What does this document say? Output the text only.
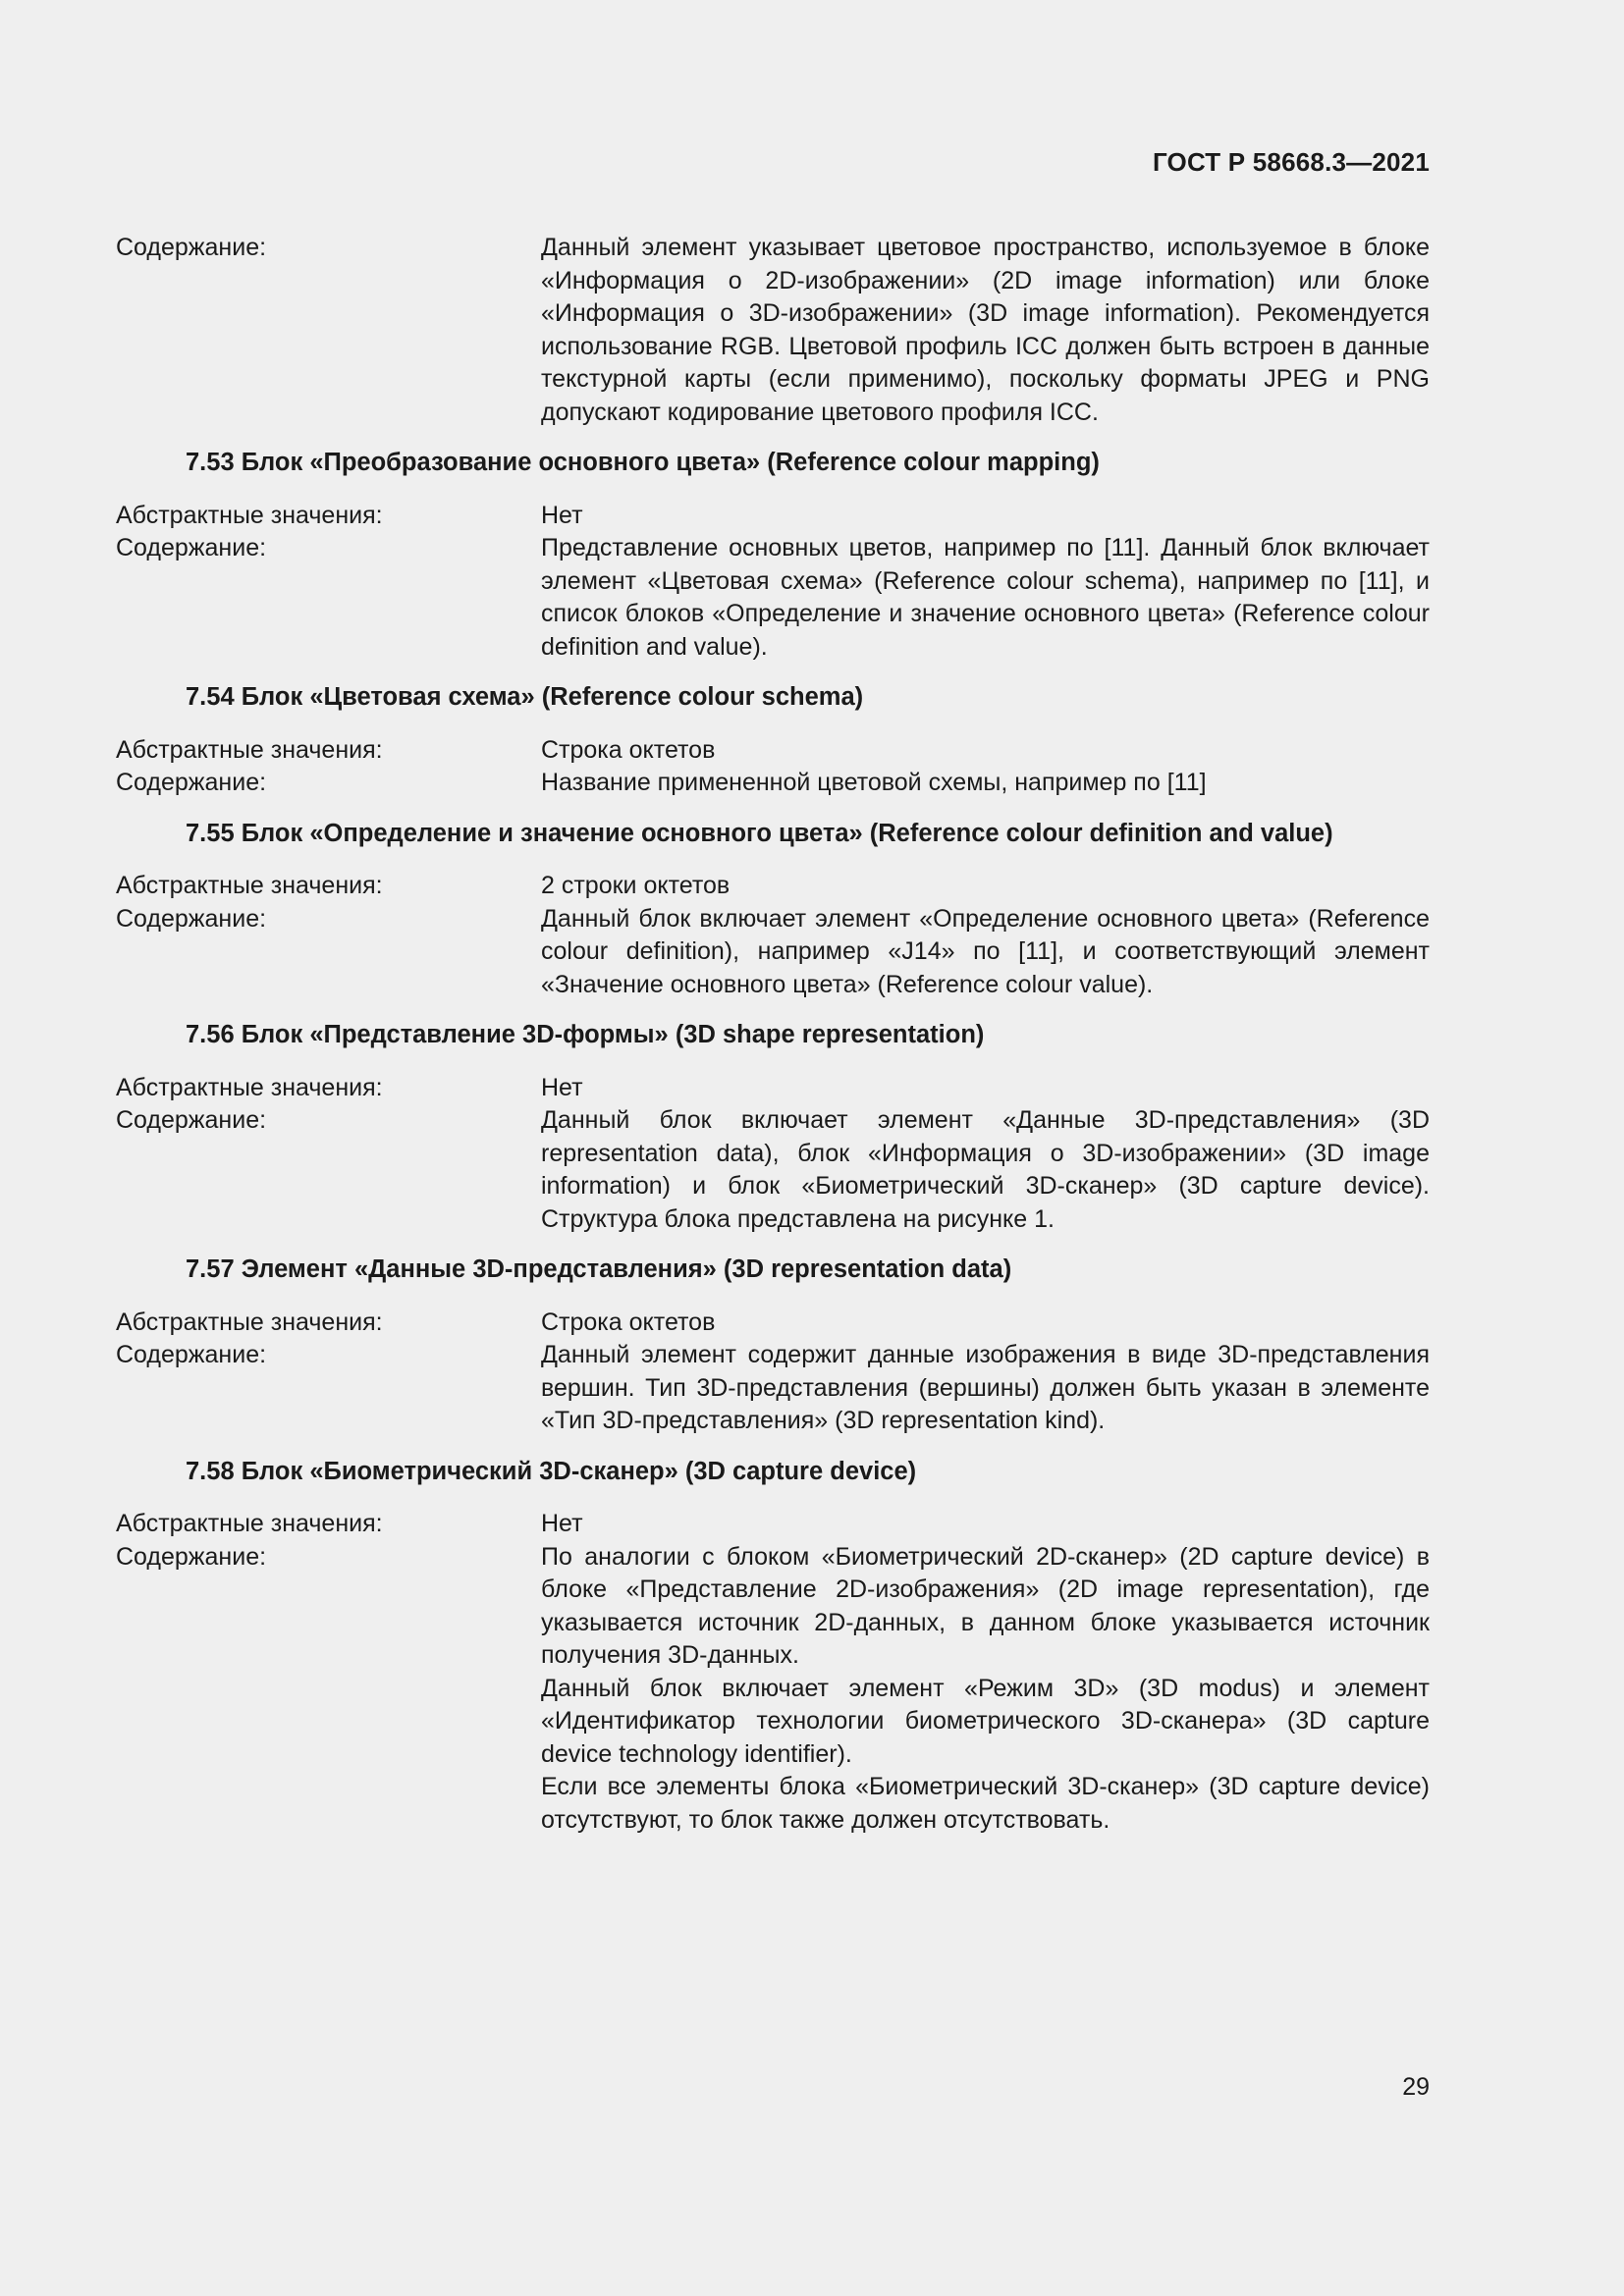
ГОСТ Р 58668.3—2021
Содержание:	Данный элемент указывает цветовое пространство, используемое в блоке «Информация о 2D-изображении» (2D image information) или блоке «Информация о 3D-изображении» (3D image information). Рекомендуется использование RGB. Цветовой профиль ICC должен быть встроен в данные текстурной карты (если применимо), поскольку форматы JPEG и PNG допускают кодирование цветового профиля ICC.
7.53 Блок «Преобразование основного цвета» (Reference colour mapping)
Абстрактные значения:	Нет
Содержание:	Представление основных цветов, например по [11]. Данный блок включает элемент «Цветовая схема» (Reference colour schema), например по [11], и список блоков «Определение и значение основного цвета» (Reference colour definition and value).
7.54 Блок «Цветовая схема» (Reference colour schema)
Абстрактные значения:	Строка октетов
Содержание:	Название примененной цветовой схемы, например по [11]
7.55 Блок «Определение и значение основного цвета» (Reference colour definition and value)
Абстрактные значения:	2 строки октетов
Содержание:	Данный блок включает элемент «Определение основного цвета» (Reference colour definition), например «J14» по [11], и соответствующий элемент «Значение основного цвета» (Reference colour value).
7.56 Блок «Представление 3D-формы» (3D shape representation)
Абстрактные значения:	Нет
Содержание:	Данный блок включает элемент «Данные 3D-представления» (3D representation data), блок «Информация о 3D-изображении» (3D image information) и блок «Биометрический 3D-сканер» (3D capture device). Структура блока представлена на рисунке 1.
7.57 Элемент «Данные 3D-представления» (3D representation data)
Абстрактные значения:	Строка октетов
Содержание:	Данный элемент содержит данные изображения в виде 3D-представления вершин. Тип 3D-представления (вершины) должен быть указан в элементе «Тип 3D-представления» (3D representation kind).
7.58 Блок «Биометрический 3D-сканер» (3D capture device)
Абстрактные значения:	Нет
Содержание:	По аналогии с блоком «Биометрический 2D-сканер» (2D capture device) в блоке «Представление 2D-изображения» (2D image representation), где указывается источник 2D-данных, в данном блоке указывается источник получения 3D-данных.
Данный блок включает элемент «Режим 3D» (3D modus) и элемент «Идентификатор технологии биометрического 3D-сканера» (3D capture device technology identifier).
Если все элементы блока «Биометрический 3D-сканер» (3D capture device) отсутствуют, то блок также должен отсутствовать.
29
